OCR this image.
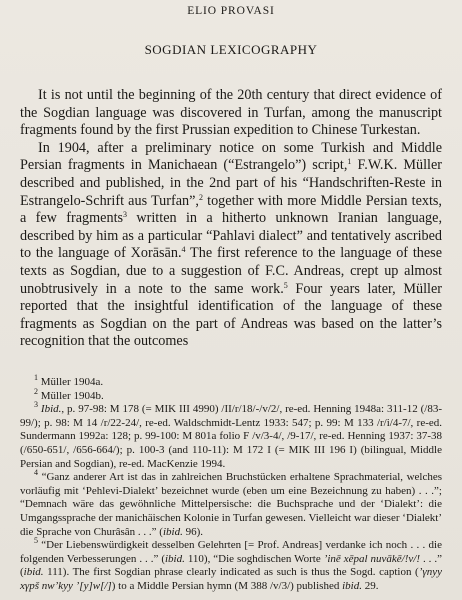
ELIO PROVASI
SOGDIAN LEXICOGRAPHY

It is not until the beginning of the 20th century that direct evidence of the Sogdian language was discovered in Turfan, among the manuscript fragments found by the first Prussian expedition to Chinese Turkestan.

In 1904, after a preliminary notice on some Turkish and Middle Persian fragments in Manichaean (“Estrangelo”) script,$^1$ F.W.K. Müller described and published, in the 2nd part of his “Handschriften-Reste in Estrangelo-Schrift aus Turfan”,$^2$ together with more Middle Persian texts, a few fragments$^3$ written in a hitherto unknown Iranian language, described by him as a particular “Pahlavi dialect” and tentatively ascribed to the language of Xorāsān.$^4$ The first reference to the language of these texts as Sogdian, due to a suggestion of F.C. Andreas, crept up almost unobtrusively in a note to the same work.$^5$ Four years later, Müller reported that the insightful identification of the language of these fragments as Sogdian on the part of Andreas was based on the latter’s recognition that the outcomes

$^1$ Müller 1904a.

$^2$ Müller 1904b.

$^3$ Ibid., p. 97-98: M 178 (= MIK III 4990) /II/r/18/-/v/2/, re-ed. Henning 1948a: 311-12 (/83-99/); p. 98: M 14 /r/22-24/, re-ed. Waldschmidt-Lentz 1933: 547; p. 99: M 133 /r/i/4-7/, re-ed. Sundermann 1992a: 128; p. 99-100: M 801a folio F /v/3-4/, /9-17/, re-ed. Henning 1937: 37-38 (/650-651/, /656-664/); p. 100-3 (and 110-11): M 172 I (= MIK III 196 I) (bilingual, Middle Persian and Sogdian), re-ed. MacKenzie 1994.

$^4$ “Ganz anderer Art ist das in zahlreichen Bruchstücken erhaltene Sprachmaterial, welches vorläufig mit ‘Pehlevi-Dialekt’ bezeichnet wurde (eben um eine Bezeichnung zu haben) . . .”; “Demnach wäre das gewöhnliche Mittelpersische: die Buchsprache und der ‘Dialekt’: die Umgangssprache der manichäischen Kolonie in Turfan gewesen. Vielleicht war dieser ‘Dialekt’ die Sprache von Churâsân . . .” (ibid. 96).

$^5$ “Der Liebenswürdigkeit desselben Gelehrten [= Prof. Andreas] verdanke ich noch . . . die folgenden Verbesserungen . . .” (ibid. 110), “Die soghdischen Worte ’inē xēpal nuvākē/!v/! . . .” (ibid. 111). The first Sogdian phrase clearly indicated as such is thus the Sogd. caption (’γnyy xγpš nw’kyy ’[y]w[/]) to a Middle Persian hymn (M 388 /v/3/) published ibid. 29.
